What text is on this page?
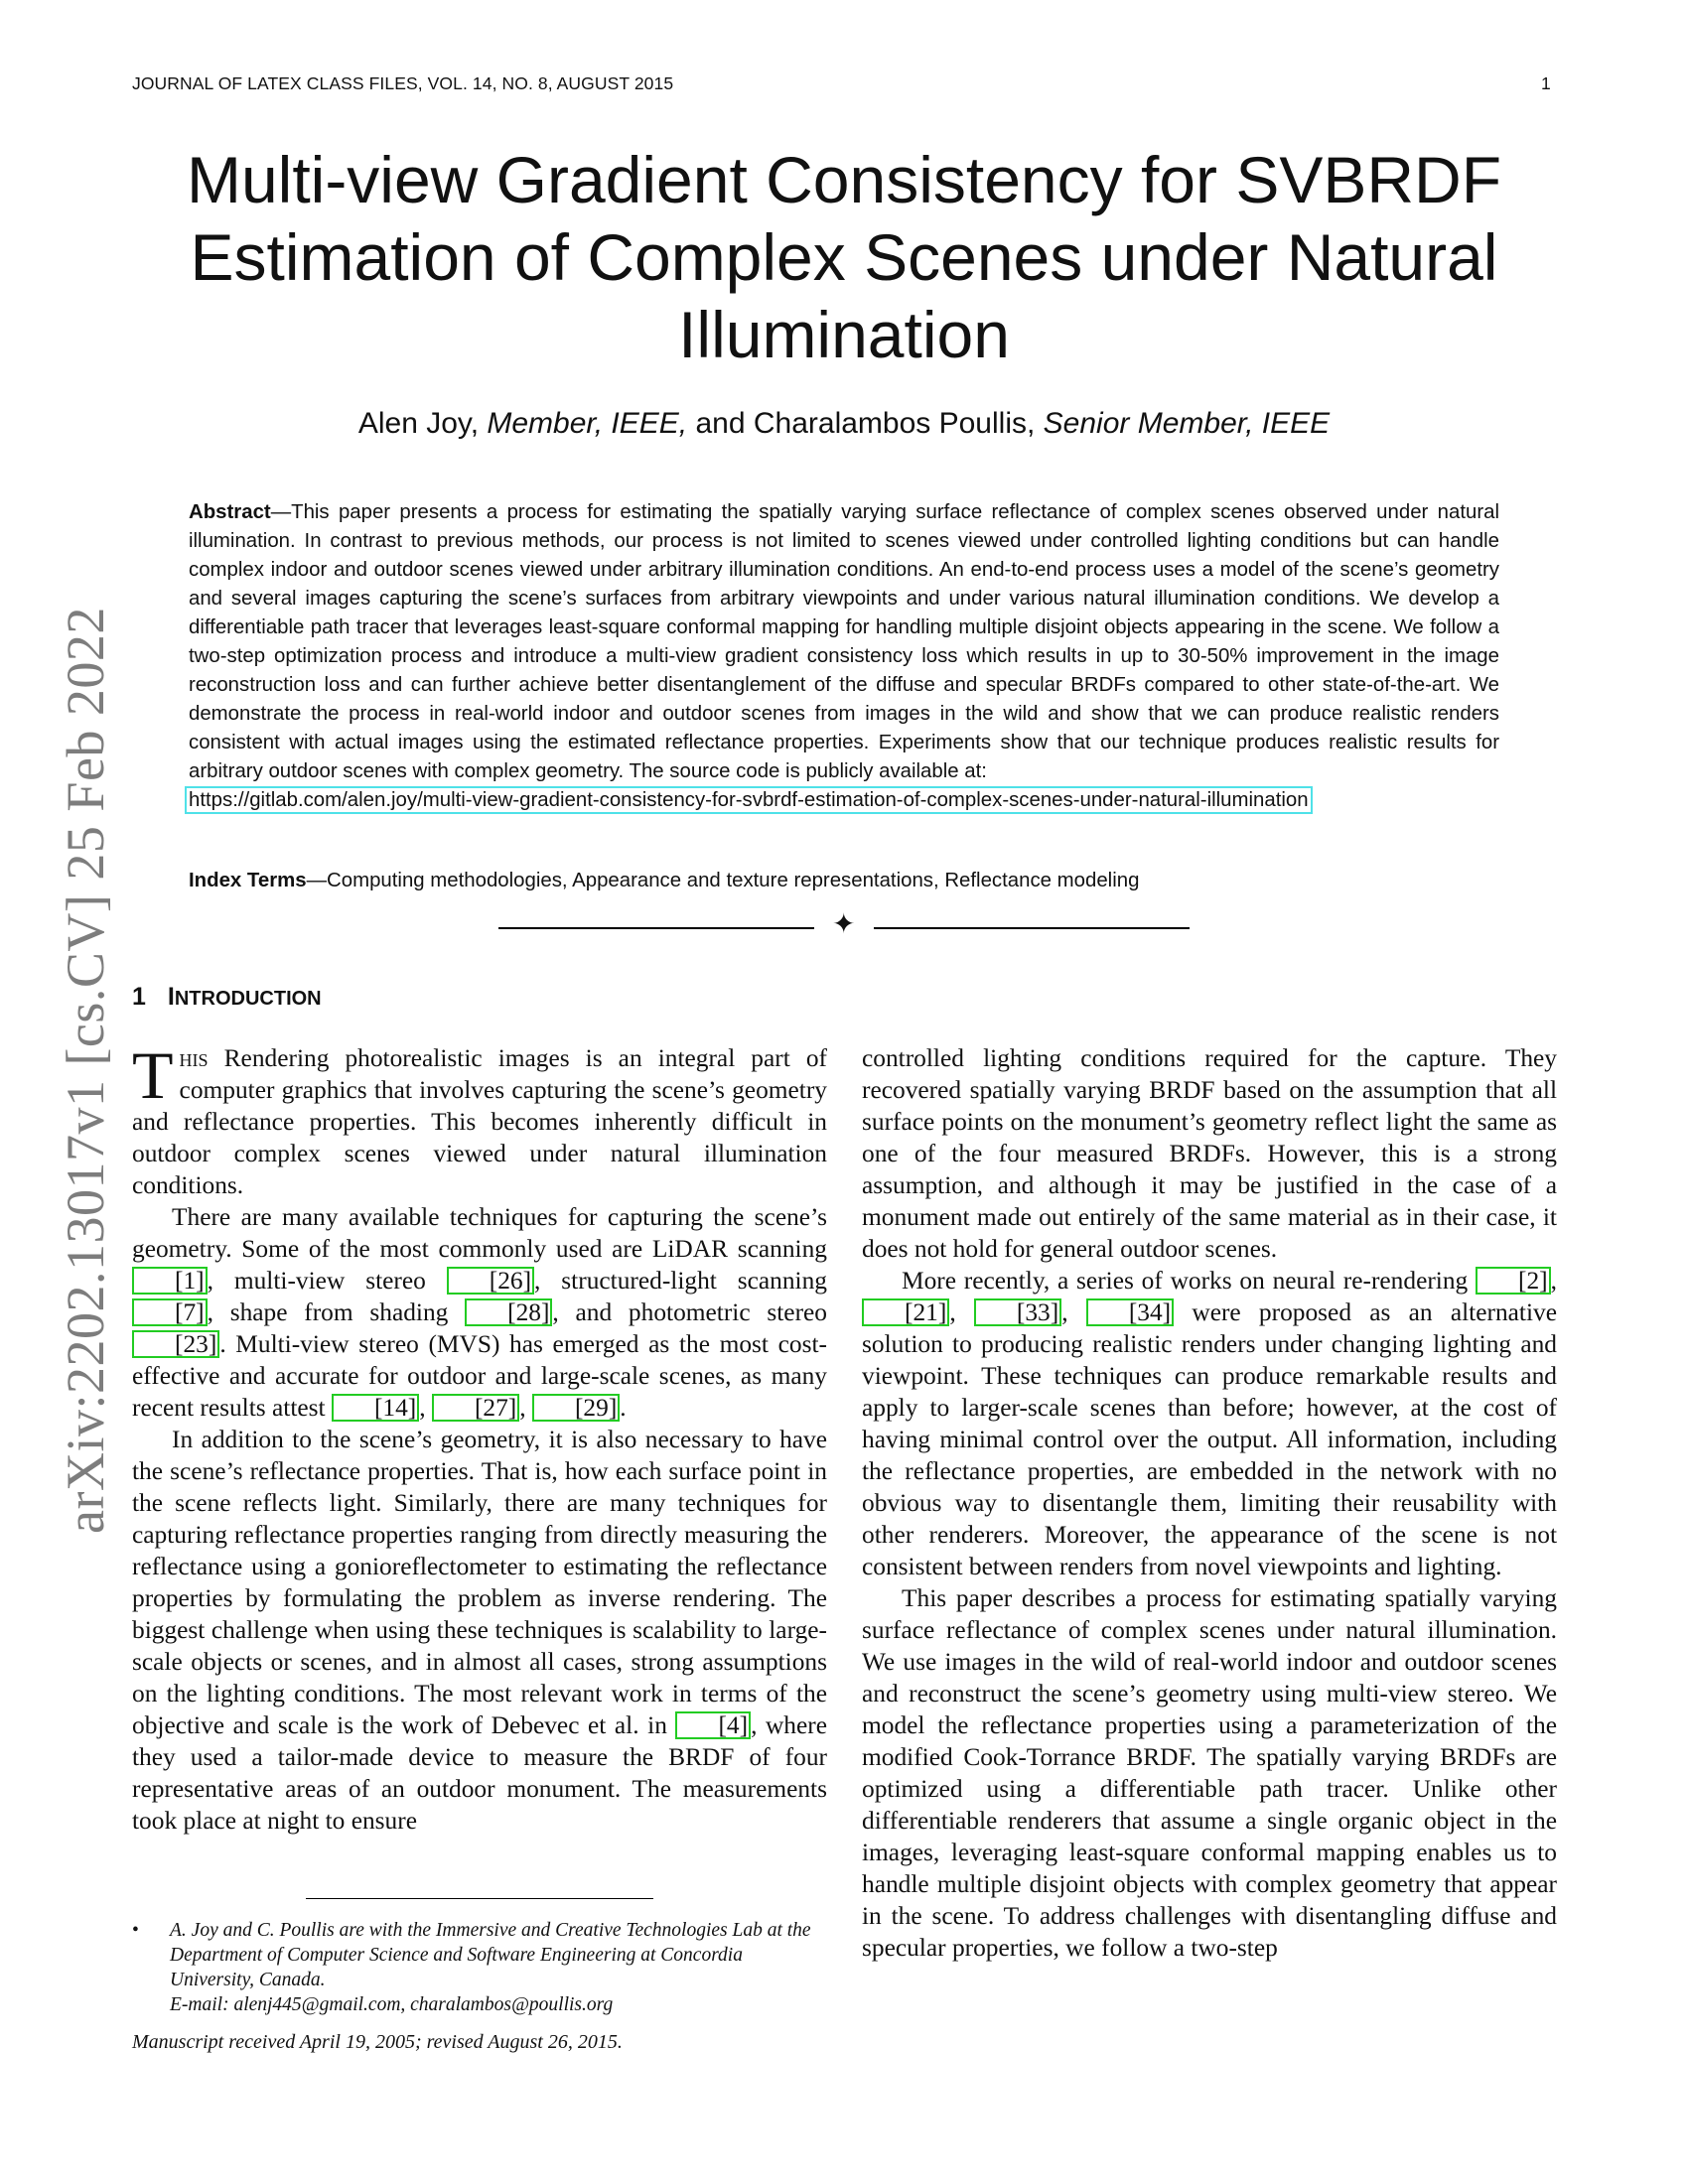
JOURNAL OF LATEX CLASS FILES, VOL. 14, NO. 8, AUGUST 2015	1
arXiv:2202.13017v1 [cs.CV] 25 Feb 2022
Multi-view Gradient Consistency for SVBRDF Estimation of Complex Scenes under Natural Illumination
Alen Joy, Member, IEEE, and Charalambos Poullis, Senior Member, IEEE

Abstract—This paper presents a process for estimating the spatially varying surface reflectance of complex scenes observed under natural illumination. In contrast to previous methods, our process is not limited to scenes viewed under controlled lighting conditions but can handle complex indoor and outdoor scenes viewed under arbitrary illumination conditions. An end-to-end process uses a model of the scene’s geometry and several images capturing the scene’s surfaces from arbitrary viewpoints and under various natural illumination conditions. We develop a differentiable path tracer that leverages least-square conformal mapping for handling multiple disjoint objects appearing in the scene. We follow a two-step optimization process and introduce a multi-view gradient consistency loss which results in up to 30-50% improvement in the image reconstruction loss and can further achieve better disentanglement of the diffuse and specular BRDFs compared to other state-of-the-art. We demonstrate the process in real-world indoor and outdoor scenes from images in the wild and show that we can produce realistic renders consistent with actual images using the estimated reflectance properties. Experiments show that our technique produces realistic results for arbitrary outdoor scenes with complex geometry. The source code is publicly available at:
https://gitlab.com/alen.joy/multi-view-gradient-consistency-for-svbrdf-estimation-of-complex-scenes-under-natural-illumination

Index Terms—Computing methodologies, Appearance and texture representations, Reflectance modeling
✦
1 INTRODUCTION

This Rendering photorealistic images is an integral part of computer graphics that involves capturing the scene’s geometry and reflectance properties. This becomes inherently difficult in outdoor complex scenes viewed under natural illumination conditions.

There are many available techniques for capturing the scene’s geometry. Some of the most commonly used are LiDAR scanning [1] , multi-view stereo [26] , structured-light scanning [7] , shape from shading [28] , and photometric stereo [23] . Multi-view stereo (MVS) has emerged as the most cost-effective and accurate for outdoor and large-scale scenes, as many recent results attest [14] , [27] , [29] .

In addition to the scene’s geometry, it is also necessary to have the scene’s reflectance properties. That is, how each surface point in the scene reflects light. Similarly, there are many techniques for capturing reflectance properties ranging from directly measuring the reflectance using a gonioreflectometer to estimating the reflectance properties by formulating the problem as inverse rendering. The biggest challenge when using these techniques is scalability to large-scale objects or scenes, and in almost all cases, strong assumptions on the lighting conditions. The most relevant work in terms of the objective and scale is the work of Debevec et al. in [4] , where they used a tailor-made device to measure the BRDF of four representative areas of an outdoor monument. The measurements took place at night to ensure

• A. Joy and C. Poullis are with the Immersive and Creative Technologies Lab at the Department of Computer Science and Software Engineering at Concordia University, Canada.
E-mail: alenj445@gmail.com, charalambos@poullis.org
Manuscript received April 19, 2005; revised August 26, 2015.

controlled lighting conditions required for the capture. They recovered spatially varying BRDF based on the assumption that all surface points on the monument’s geometry reflect light the same as one of the four measured BRDFs. However, this is a strong assumption, and although it may be justified in the case of a monument made out entirely of the same material as in their case, it does not hold for general outdoor scenes.

More recently, a series of works on neural re-rendering [2] , [21] , [33] , [34] were proposed as an alternative solution to producing realistic renders under changing lighting and viewpoint. These techniques can produce remarkable results and apply to larger-scale scenes than before; however, at the cost of having minimal control over the output. All information, including the reflectance properties, are embedded in the network with no obvious way to disentangle them, limiting their reusability with other renderers. Moreover, the appearance of the scene is not consistent between renders from novel viewpoints and lighting.

This paper describes a process for estimating spatially varying surface reflectance of complex scenes under natural illumination. We use images in the wild of real-world indoor and outdoor scenes and reconstruct the scene’s geometry using multi-view stereo. We model the reflectance properties using a parameterization of the modified Cook-Torrance BRDF. The spatially varying BRDFs are optimized using a differentiable path tracer. Unlike other differentiable renderers that assume a single organic object in the images, leveraging least-square conformal mapping enables us to handle multiple disjoint objects with complex geometry that appear in the scene. To address challenges with disentangling diffuse and specular properties, we follow a two-step
